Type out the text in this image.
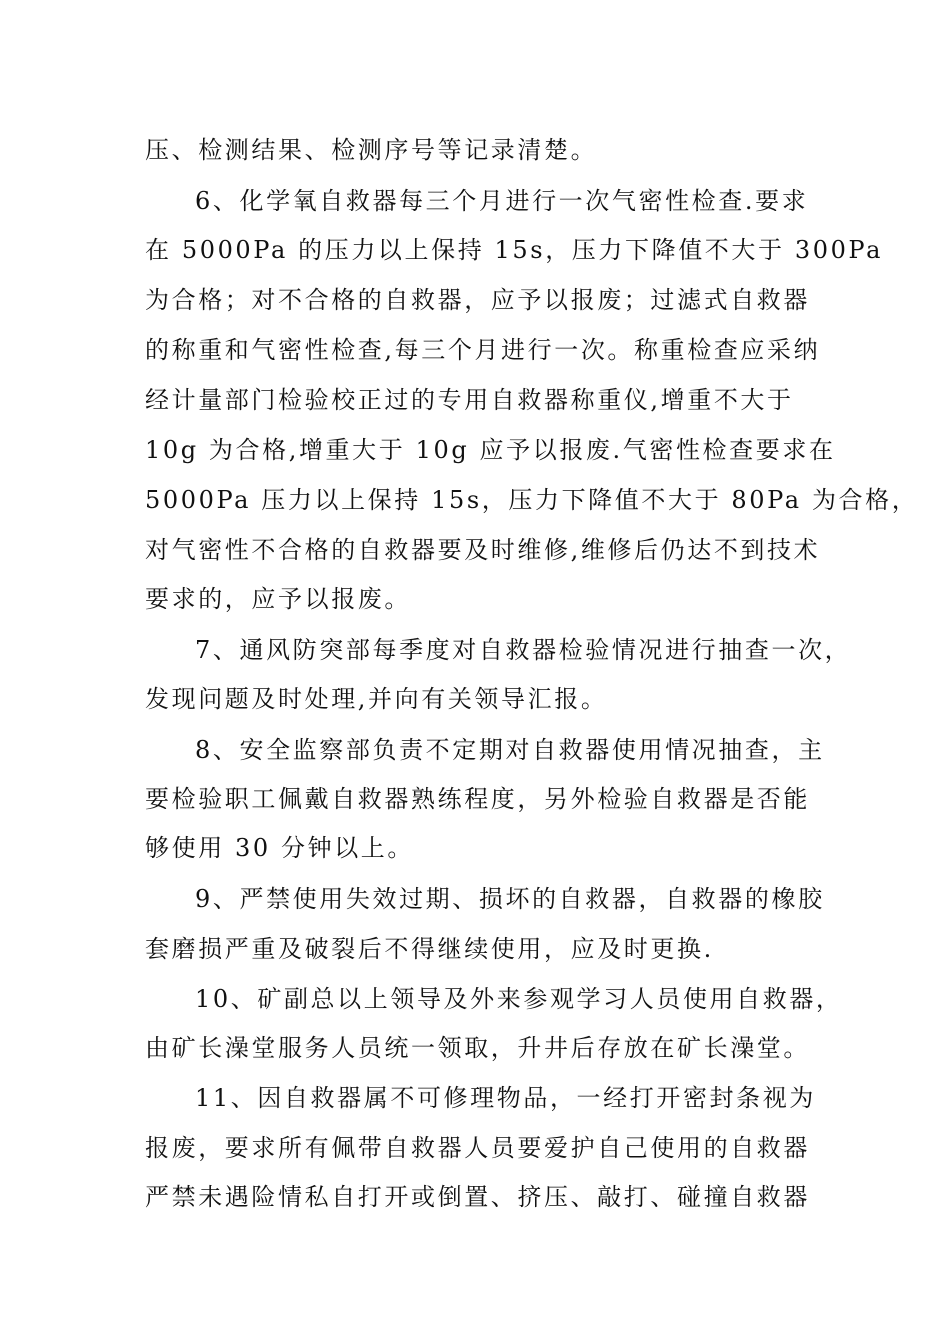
压、检测结果、检测序号等记录清楚。
6、化学氧自救器每三个月进行一次气密性检查.要求
在 5000Pa 的压力以上保持 15s，压力下降值不大于 300Pa
为合格；对不合格的自救器，应予以报废；过滤式自救器
的称重和气密性检查,每三个月进行一次。称重检查应采纳
经计量部门检验校正过的专用自救器称重仪,增重不大于
10g 为合格,增重大于 10g 应予以报废.气密性检查要求在
5000Pa 压力以上保持 15s，压力下降值不大于 80Pa 为合格，
对气密性不合格的自救器要及时维修,维修后仍达不到技术
要求的，应予以报废。
7、通风防突部每季度对自救器检验情况进行抽查一次，
发现问题及时处理,并向有关领导汇报。
8、安全监察部负责不定期对自救器使用情况抽查，主
要检验职工佩戴自救器熟练程度，另外检验自救器是否能
够使用 30 分钟以上。
9、严禁使用失效过期、损坏的自救器，自救器的橡胶
套磨损严重及破裂后不得继续使用，应及时更换.
10、矿副总以上领导及外来参观学习人员使用自救器，
由矿长澡堂服务人员统一领取，升井后存放在矿长澡堂。
11、因自救器属不可修理物品，一经打开密封条视为
报废，要求所有佩带自救器人员要爱护自己使用的自救器
严禁未遇险情私自打开或倒置、挤压、敲打、碰撞自救器
